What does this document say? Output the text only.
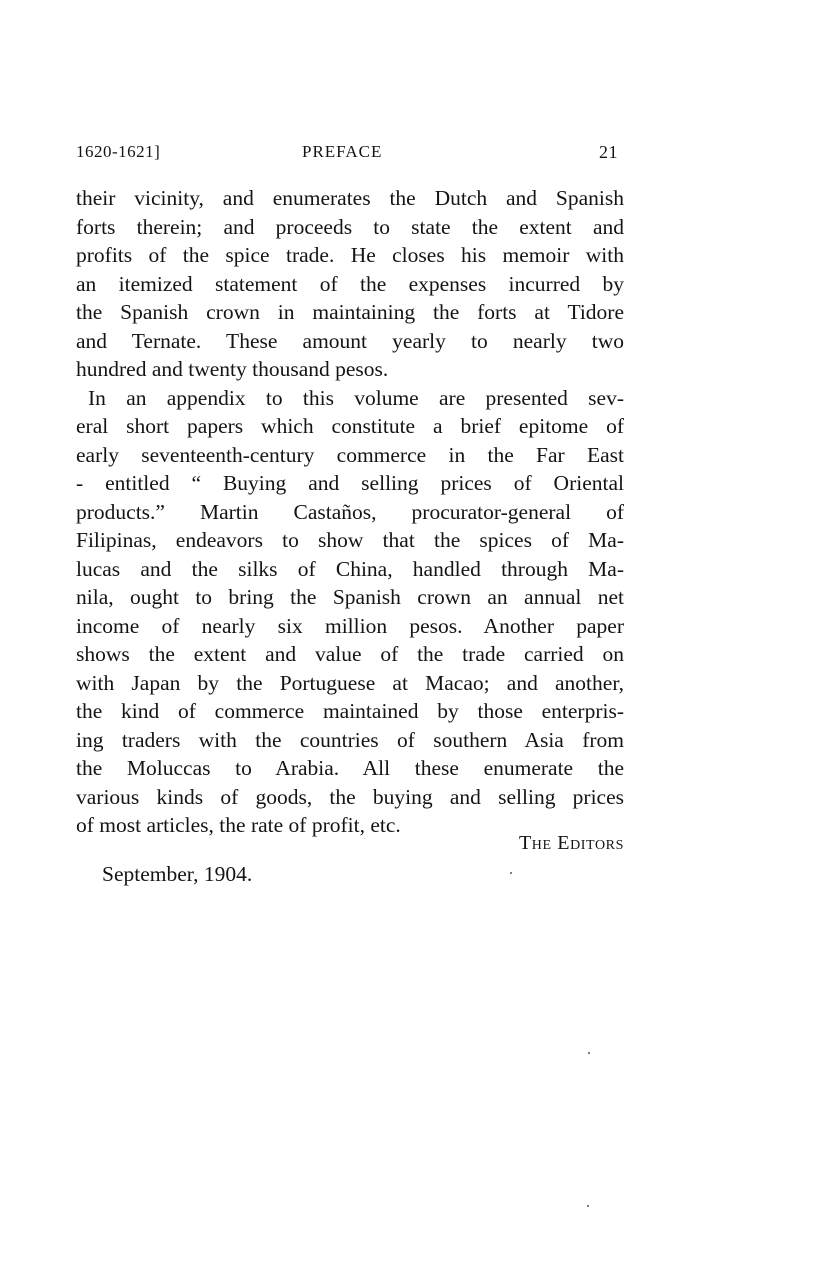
1620-1621]	PREFACE	21
their vicinity, and enumerates the Dutch and Spanish
forts therein; and proceeds to state the extent and
profits of the spice trade. He closes his memoir with
an itemized statement of the expenses incurred by
the Spanish crown in maintaining the forts at Tidore
and Ternate. These amount yearly to nearly two
hundred and twenty thousand pesos.
In an appendix to this volume are presented sev-
eral short papers which constitute a brief epitome of
early seventeenth-century commerce in the Far East
- entitled “ Buying and selling prices of Oriental
products.” Martin Castaños, procurator-general of
Filipinas, endeavors to show that the spices of Ma-
lucas and the silks of China, handled through Ma-
nila, ought to bring the Spanish crown an annual net
income of nearly six million pesos. Another paper
shows the extent and value of the trade carried on
with Japan by the Portuguese at Macao; and another,
the kind of commerce maintained by those enterpris-
ing traders with the countries of southern Asia from
the Moluccas to Arabia. All these enumerate the
various kinds of goods, the buying and selling prices
of most articles, the rate of profit, etc.
The Editors
September, 1904.
